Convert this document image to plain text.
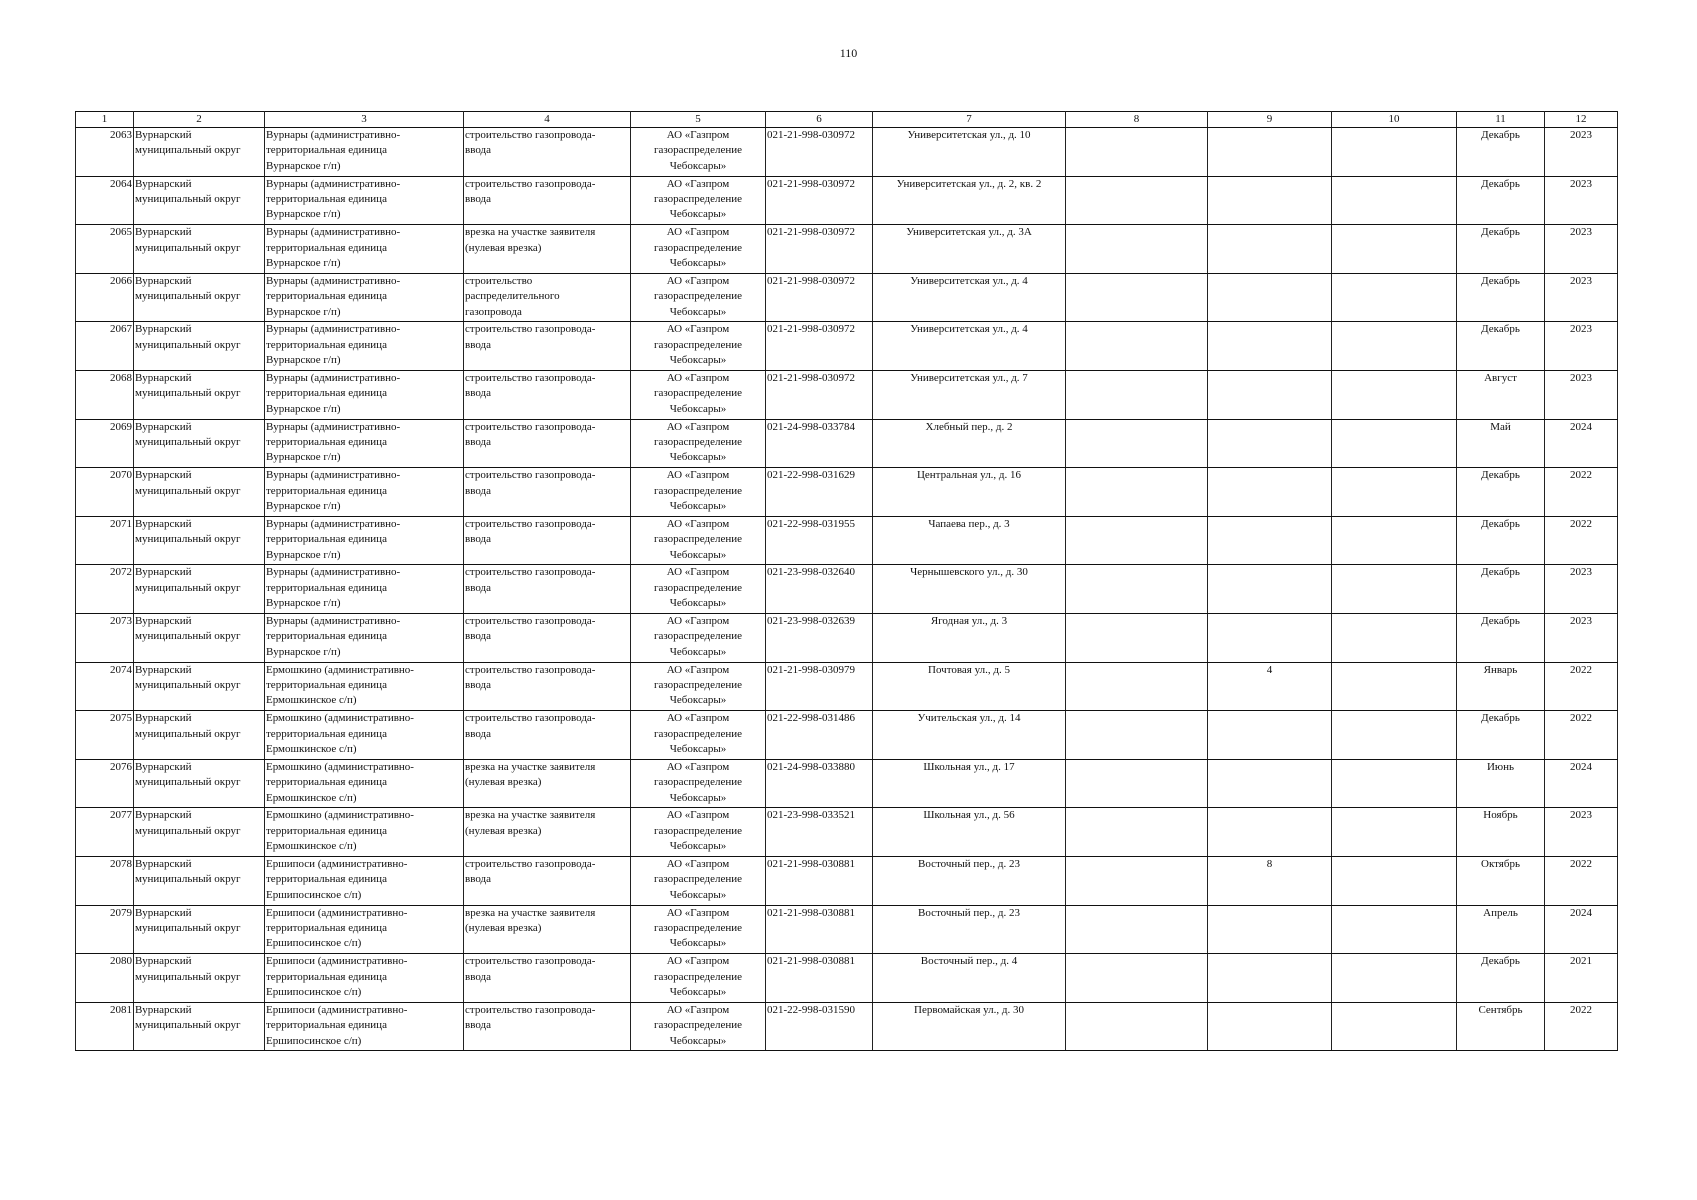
110
1	2	3	4	5	6	7	8	9	10	11	12
2063	Вурнарский
муниципальный округ	Вурнары (административно-
территориальная единица
Вурнарское г/п)	строительство газопровода-
ввода	АО «Газпром
газораспределение
Чебоксары»	021-21-998-030972	Университетская ул., д. 10				Декабрь	2023
2064	Вурнарский
муниципальный округ	Вурнары (административно-
территориальная единица
Вурнарское г/п)	строительство газопровода-
ввода	АО «Газпром
газораспределение
Чебоксары»	021-21-998-030972	Университетская ул., д. 2, кв. 2				Декабрь	2023
2065	Вурнарский
муниципальный округ	Вурнары (административно-
территориальная единица
Вурнарское г/п)	врезка на участке заявителя
(нулевая врезка)	АО «Газпром
газораспределение
Чебоксары»	021-21-998-030972	Университетская ул., д. 3А				Декабрь	2023
2066	Вурнарский
муниципальный округ	Вурнары (административно-
территориальная единица
Вурнарское г/п)	строительство
распределительного
газопровода	АО «Газпром
газораспределение
Чебоксары»	021-21-998-030972	Университетская ул., д. 4				Декабрь	2023
2067	Вурнарский
муниципальный округ	Вурнары (административно-
территориальная единица
Вурнарское г/п)	строительство газопровода-
ввода	АО «Газпром
газораспределение
Чебоксары»	021-21-998-030972	Университетская ул., д. 4				Декабрь	2023
2068	Вурнарский
муниципальный округ	Вурнары (административно-
территориальная единица
Вурнарское г/п)	строительство газопровода-
ввода	АО «Газпром
газораспределение
Чебоксары»	021-21-998-030972	Университетская ул., д. 7				Август	2023
2069	Вурнарский
муниципальный округ	Вурнары (административно-
территориальная единица
Вурнарское г/п)	строительство газопровода-
ввода	АО «Газпром
газораспределение
Чебоксары»	021-24-998-033784	Хлебный пер., д. 2				Май	2024
2070	Вурнарский
муниципальный округ	Вурнары (административно-
территориальная единица
Вурнарское г/п)	строительство газопровода-
ввода	АО «Газпром
газораспределение
Чебоксары»	021-22-998-031629	Центральная ул., д. 16				Декабрь	2022
2071	Вурнарский
муниципальный округ	Вурнары (административно-
территориальная единица
Вурнарское г/п)	строительство газопровода-
ввода	АО «Газпром
газораспределение
Чебоксары»	021-22-998-031955	Чапаева пер., д. 3				Декабрь	2022
2072	Вурнарский
муниципальный округ	Вурнары (административно-
территориальная единица
Вурнарское г/п)	строительство газопровода-
ввода	АО «Газпром
газораспределение
Чебоксары»	021-23-998-032640	Чернышевского ул., д. 30				Декабрь	2023
2073	Вурнарский
муниципальный округ	Вурнары (административно-
территориальная единица
Вурнарское г/п)	строительство газопровода-
ввода	АО «Газпром
газораспределение
Чебоксары»	021-23-998-032639	Ягодная ул., д. 3				Декабрь	2023
2074	Вурнарский
муниципальный округ	Ермошкино (административно-
территориальная единица
Ермошкинское с/п)	строительство газопровода-
ввода	АО «Газпром
газораспределение
Чебоксары»	021-21-998-030979	Почтовая ул., д. 5		4		Январь	2022
2075	Вурнарский
муниципальный округ	Ермошкино (административно-
территориальная единица
Ермошкинское с/п)	строительство газопровода-
ввода	АО «Газпром
газораспределение
Чебоксары»	021-22-998-031486	Учительская ул., д. 14				Декабрь	2022
2076	Вурнарский
муниципальный округ	Ермошкино (административно-
территориальная единица
Ермошкинское с/п)	врезка на участке заявителя
(нулевая врезка)	АО «Газпром
газораспределение
Чебоксары»	021-24-998-033880	Школьная ул., д. 17				Июнь	2024
2077	Вурнарский
муниципальный округ	Ермошкино (административно-
территориальная единица
Ермошкинское с/п)	врезка на участке заявителя
(нулевая врезка)	АО «Газпром
газораспределение
Чебоксары»	021-23-998-033521	Школьная ул., д. 56				Ноябрь	2023
2078	Вурнарский
муниципальный округ	Ершипоси (административно-
территориальная единица
Ершипосинское с/п)	строительство газопровода-
ввода	АО «Газпром
газораспределение
Чебоксары»	021-21-998-030881	Восточный пер., д. 23		8		Октябрь	2022
2079	Вурнарский
муниципальный округ	Ершипоси (административно-
территориальная единица
Ершипосинское с/п)	врезка на участке заявителя
(нулевая врезка)	АО «Газпром
газораспределение
Чебоксары»	021-21-998-030881	Восточный пер., д. 23				Апрель	2024
2080	Вурнарский
муниципальный округ	Ершипоси (административно-
территориальная единица
Ершипосинское с/п)	строительство газопровода-
ввода	АО «Газпром
газораспределение
Чебоксары»	021-21-998-030881	Восточный пер., д. 4				Декабрь	2021
2081	Вурнарский
муниципальный округ	Ершипоси (административно-
территориальная единица
Ершипосинское с/п)	строительство газопровода-
ввода	АО «Газпром
газораспределение
Чебоксары»	021-22-998-031590	Первомайская ул., д. 30				Сентябрь	2022
